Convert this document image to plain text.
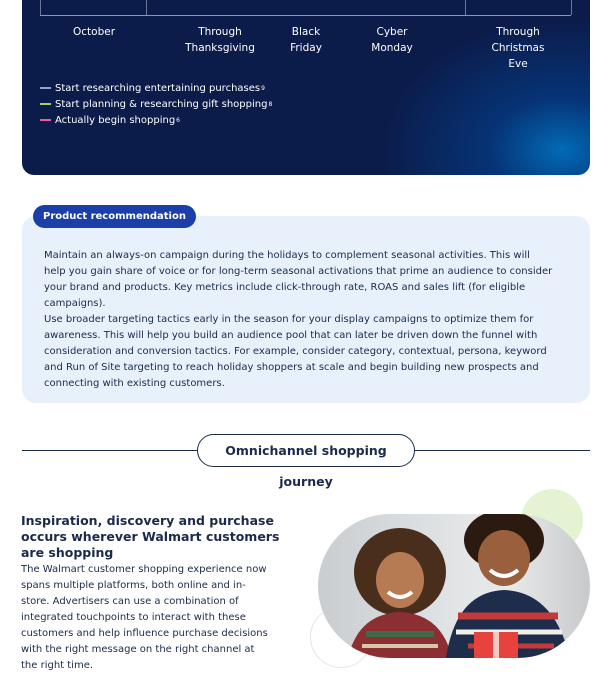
October	Through
Thanksgiving
Black
Friday
Cyber
Monday
Through
Christmas Eve
Start researching entertaining purchases 9
Start planning & researching gift shopping 8
Actually begin shopping 6
Product recommendation

Maintain an always-on campaign during the holidays to complement seasonal activities. This will help you gain share of voice or for long-term seasonal activations that prime an audience to consider your brand and products. Key metrics include click-through rate, ROAS and sales lift (for eligible campaigns).

Use broader targeting tactics early in the season for your display campaigns to optimize them for awareness. This will help you build an audience pool that can later be driven down the funnel with consideration and conversion tactics. For example, consider category, contextual, persona, keyword and Run of Site targeting to reach holiday shoppers at scale and begin building new prospects and connecting with existing customers.

Omnichannel shopping journey

Inspiration, discovery and purchase occurs wherever Walmart customers are shopping

The Walmart customer shopping experience now spans multiple platforms, both online and in-store. Advertisers can use a combination of integrated touchpoints to interact with these customers and help influence purchase decisions with the right message on the right channel at the right time.
